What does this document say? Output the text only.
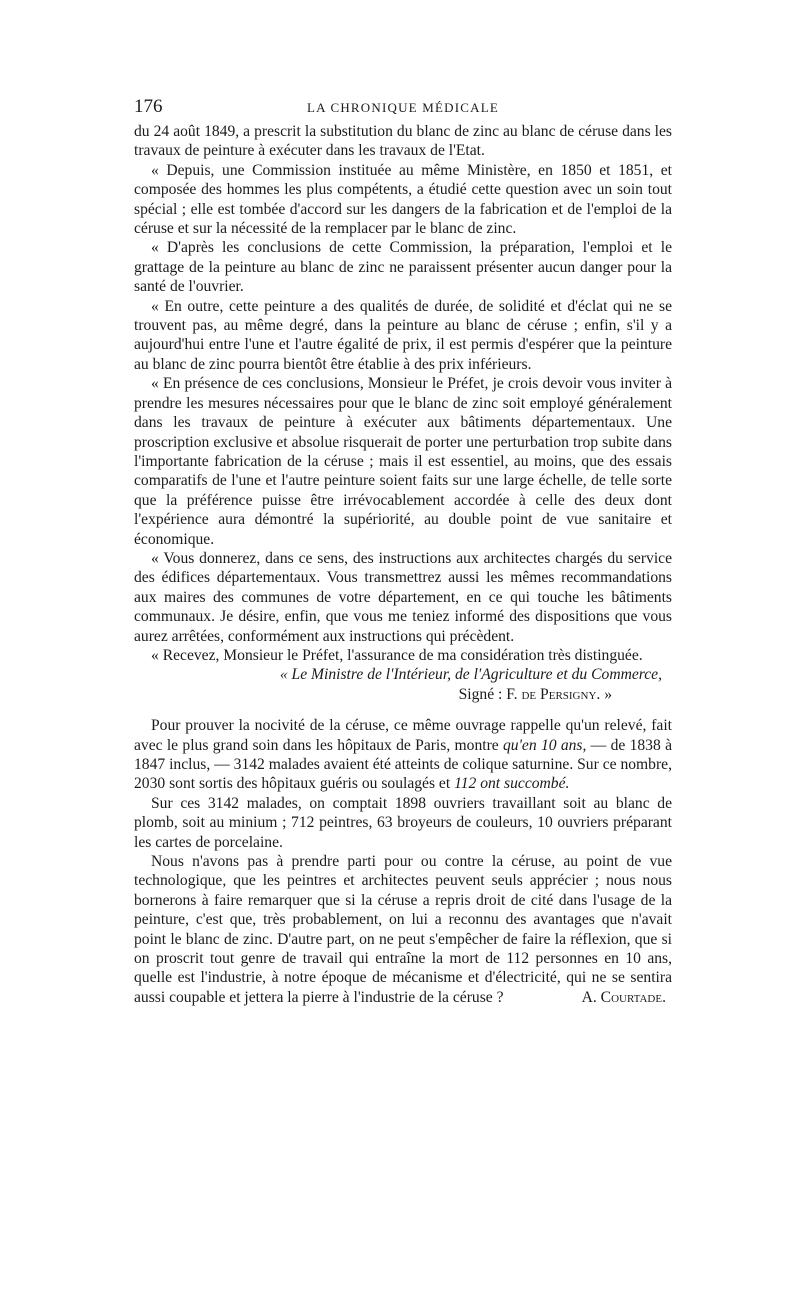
176	LA CHRONIQUE MÉDICALE

du 24 août 1849, a prescrit la substitution du blanc de zinc au blanc de céruse dans les travaux de peinture à exécuter dans les travaux de l'Etat.

« Depuis, une Commission instituée au même Ministère, en 1850 et 1851, et composée des hommes les plus compétents, a étudié cette question avec un soin tout spécial ; elle est tombée d'accord sur les dangers de la fabrication et de l'emploi de la céruse et sur la nécessité de la remplacer par le blanc de zinc.

« D'après les conclusions de cette Commission, la préparation, l'emploi et le grattage de la peinture au blanc de zinc ne paraissent présenter aucun danger pour la santé de l'ouvrier.

« En outre, cette peinture a des qualités de durée, de solidité et d'éclat qui ne se trouvent pas, au même degré, dans la peinture au blanc de céruse ; enfin, s'il y a aujourd'hui entre l'une et l'autre égalité de prix, il est permis d'espérer que la peinture au blanc de zinc pourra bientôt être établie à des prix inférieurs.

« En présence de ces conclusions, Monsieur le Préfet, je crois devoir vous inviter à prendre les mesures nécessaires pour que le blanc de zinc soit employé généralement dans les travaux de peinture à exécuter aux bâtiments départementaux. Une proscription exclusive et absolue risquerait de porter une perturbation trop subite dans l'importante fabrication de la céruse ; mais il est essentiel, au moins, que des essais comparatifs de l'une et l'autre peinture soient faits sur une large échelle, de telle sorte que la préférence puisse être irrévocablement accordée à celle des deux dont l'expérience aura démontré la supériorité, au double point de vue sanitaire et économique.

« Vous donnerez, dans ce sens, des instructions aux architectes chargés du service des édifices départementaux. Vous transmettrez aussi les mêmes recommandations aux maires des communes de votre département, en ce qui touche les bâtiments communaux. Je désire, enfin, que vous me teniez informé des dispositions que vous aurez arrêtées, conformément aux instructions qui précèdent.

« Recevez, Monsieur le Préfet, l'assurance de ma considération très distinguée.

« Le Ministre de l'Intérieur, de l'Agriculture et du Commerce,

Signé : F. de Persigny. »

Pour prouver la nocivité de la céruse, ce même ouvrage rappelle qu'un relevé, fait avec le plus grand soin dans les hôpitaux de Paris, montre qu'en 10 ans, — de 1838 à 1847 inclus, — 3142 malades avaient été atteints de colique saturnine. Sur ce nombre, 2030 sont sortis des hôpitaux guéris ou soulagés et 112 ont succombé.

Sur ces 3142 malades, on comptait 1898 ouvriers travaillant soit au blanc de plomb, soit au minium ; 712 peintres, 63 broyeurs de couleurs, 10 ouvriers préparant les cartes de porcelaine.

Nous n'avons pas à prendre parti pour ou contre la céruse, au point de vue technologique, que les peintres et architectes peuvent seuls apprécier ; nous nous bornerons à faire remarquer que si la céruse a repris droit de cité dans l'usage de la peinture, c'est que, très probablement, on lui a reconnu des avantages que n'avait point le blanc de zinc. D'autre part, on ne peut s'empêcher de faire la réflexion, que si on proscrit tout genre de travail qui entraîne la mort de 112 personnes en 10 ans, quelle est l'industrie, à notre époque de mécanisme et d'électricité, qui ne se sentira aussi coupable et jettera la pierre à l'industrie de la céruse ?	A. Courtade.
